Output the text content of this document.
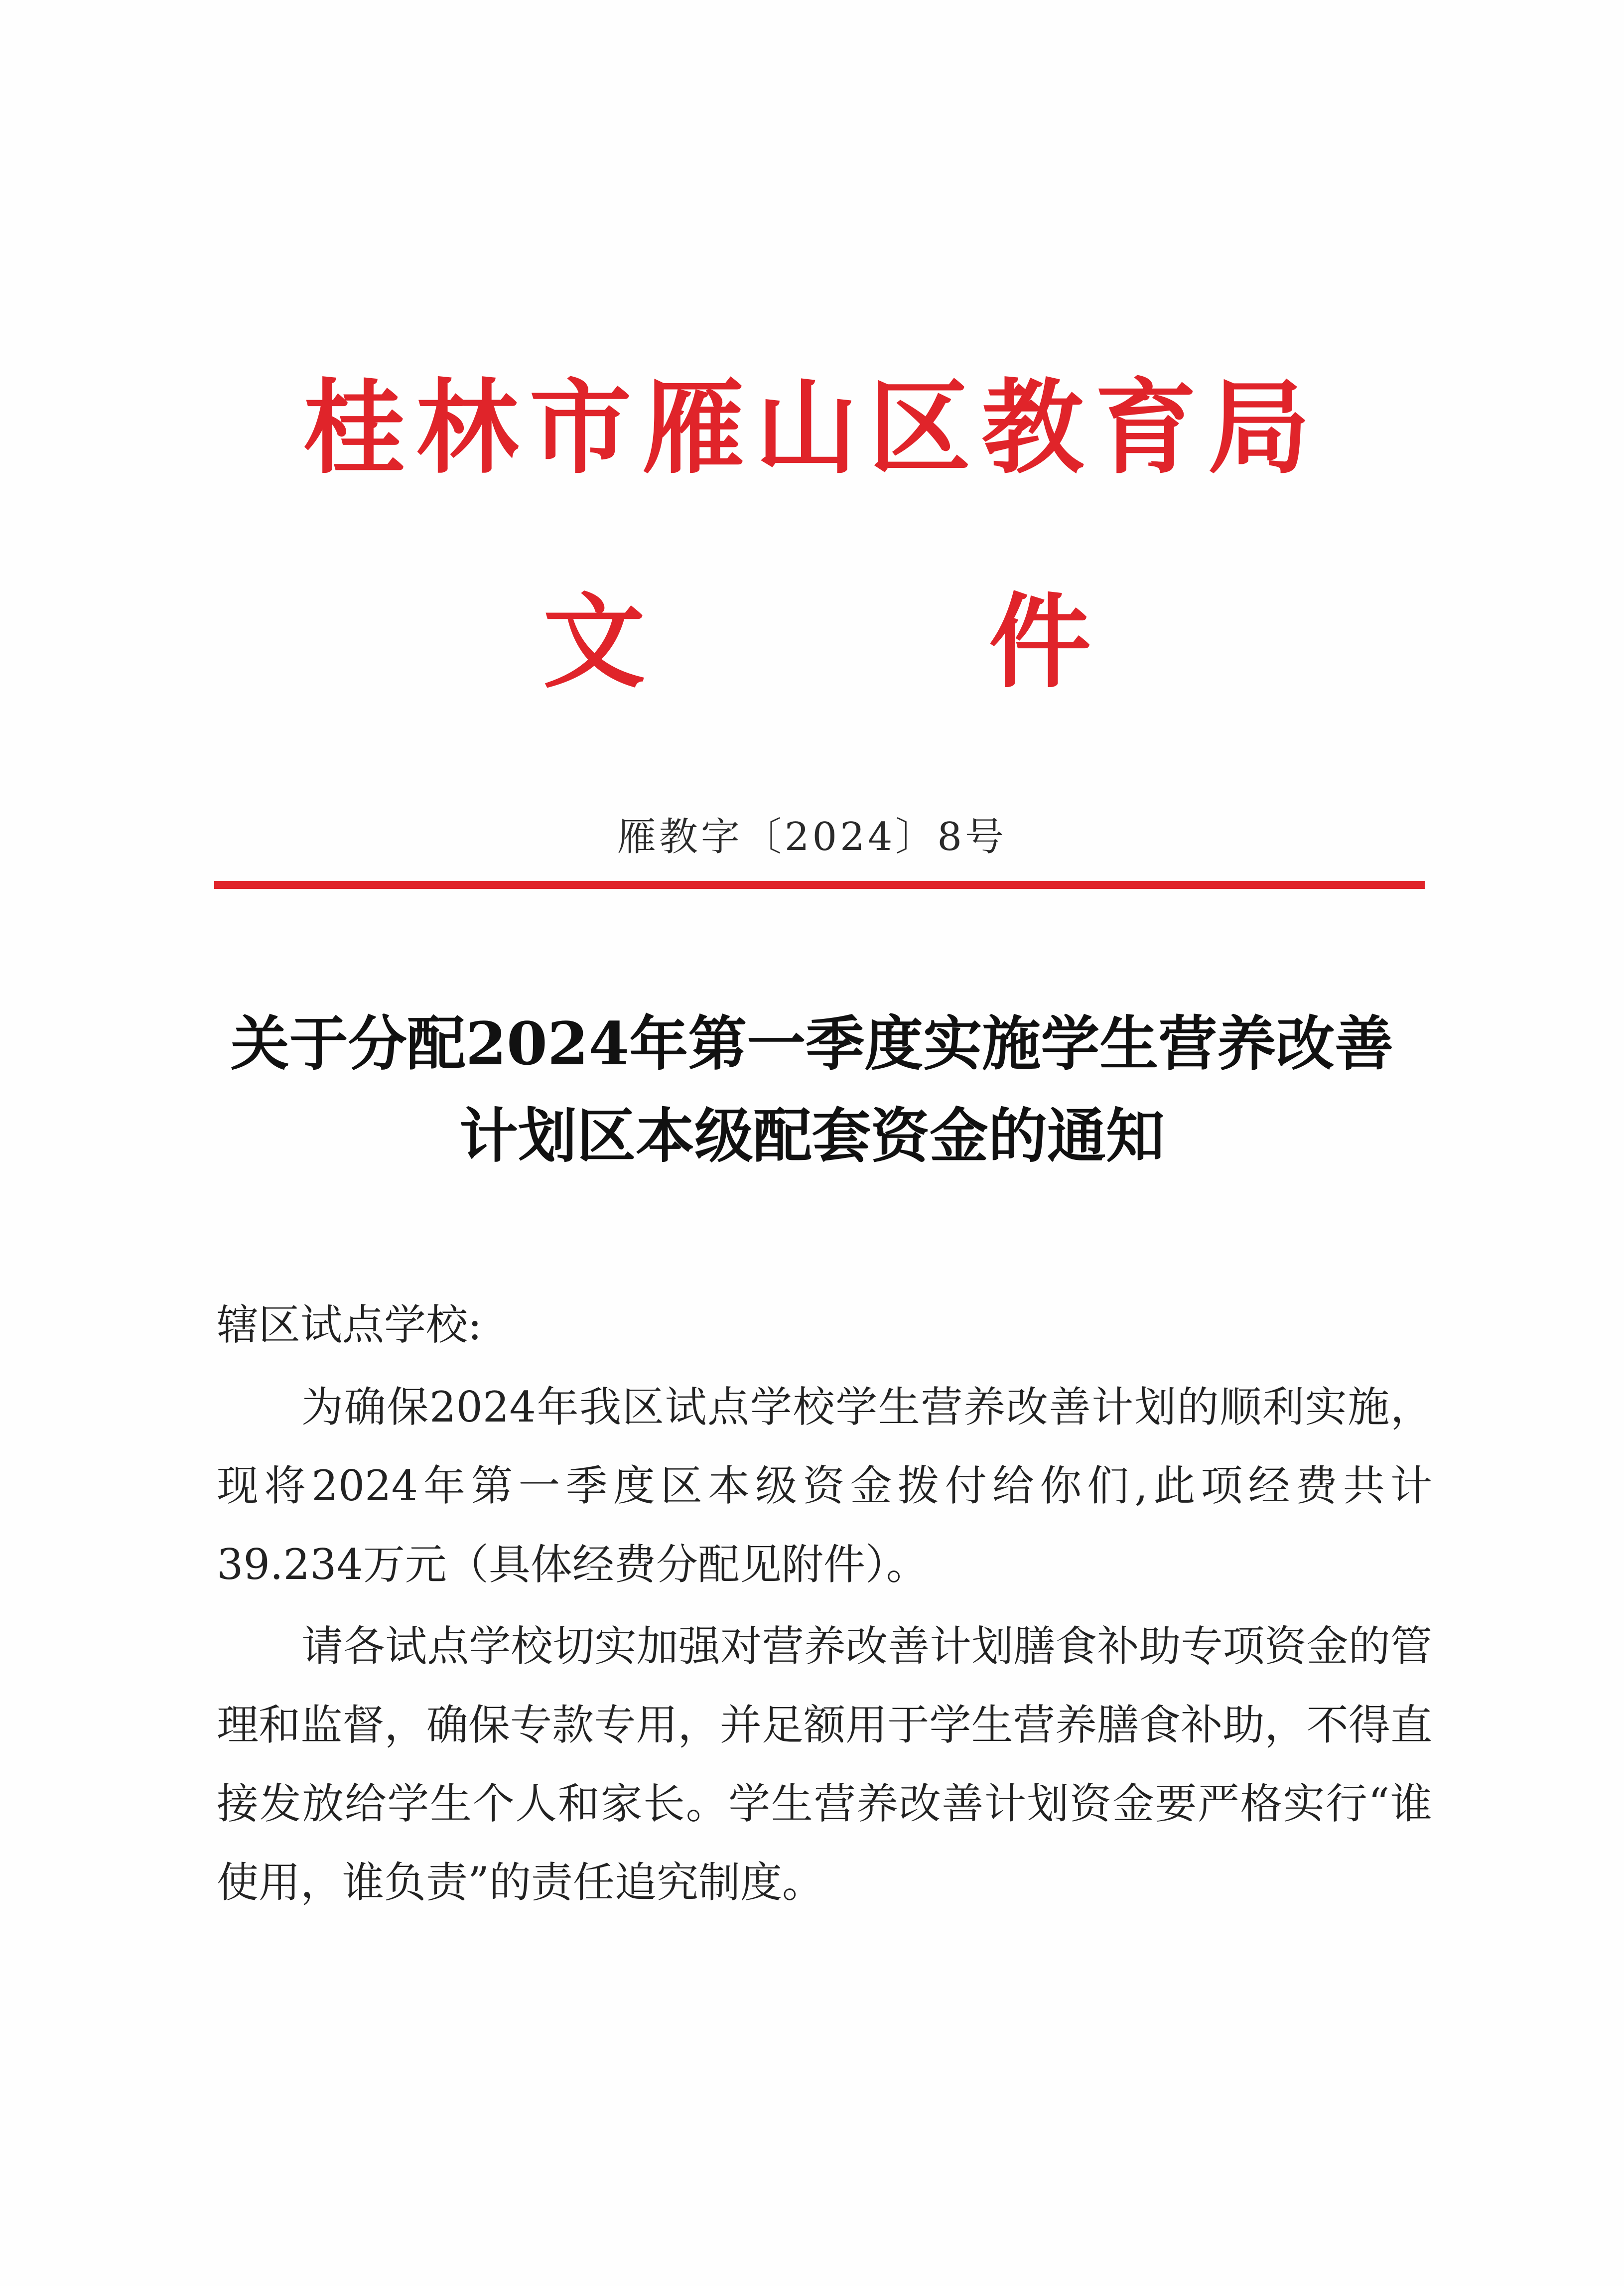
桂林市雁山区教育局
文	件
雁教字〔2024〕8号
关于分配2024年第一季度实施学生营养改善
计划区本级配套资金的通知
辖区试点学校:
为确保2024年我区试点学校学生营养改善计划的顺利实施，现将2024年第一季度区本级资金拨付给你们,此项经费共计39.234万元（具体经费分配见附件）。
请各试点学校切实加强对营养改善计划膳食补助专项资金的管理和监督，确保专款专用，并足额用于学生营养膳食补助，不得直接发放给学生个人和家长。学生营养改善计划资金要严格实行“谁使用，谁负责”的责任追究制度。
